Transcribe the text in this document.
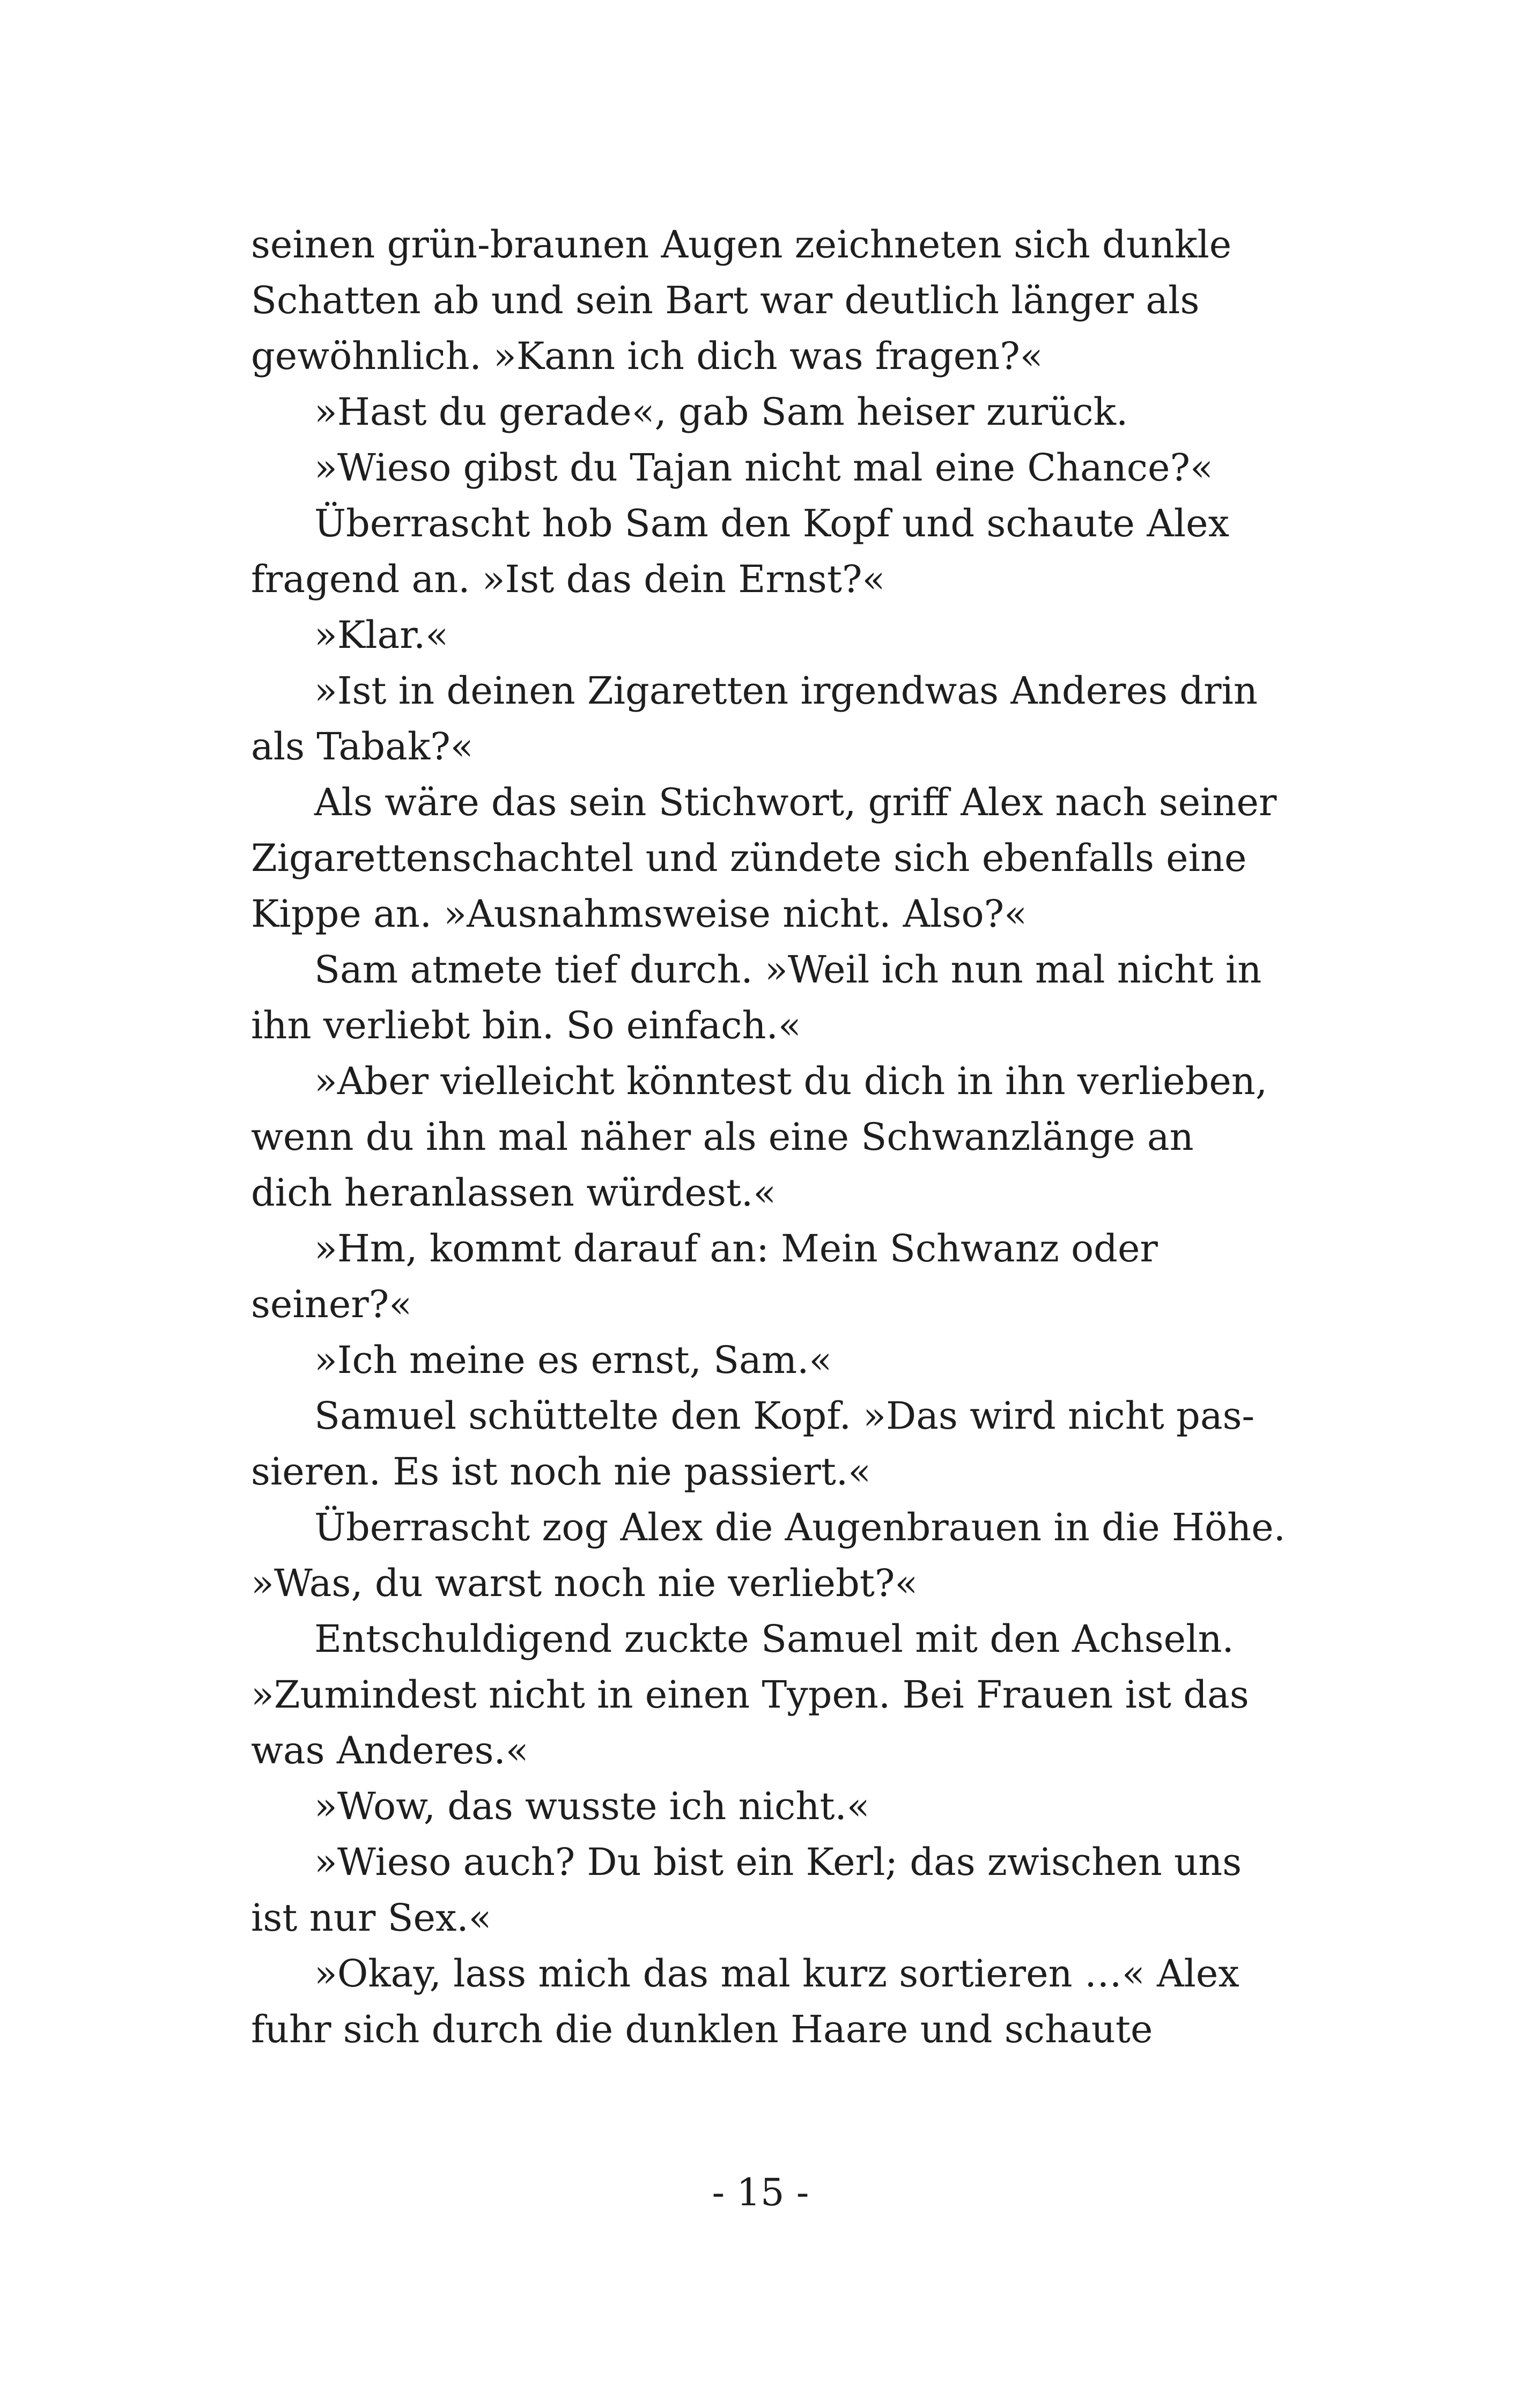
seinen grün-braunen Augen zeichneten sich dunkle
Schatten ab und sein Bart war deutlich länger als
gewöhnlich. »Kann ich dich was fragen?«
»Hast du gerade«, gab Sam heiser zurück.
»Wieso gibst du Tajan nicht mal eine Chance?«
Überrascht hob Sam den Kopf und schaute Alex
fragend an. »Ist das dein Ernst?«
»Klar.«
»Ist in deinen Zigaretten irgendwas Anderes drin
als Tabak?«
Als wäre das sein Stichwort, griff Alex nach seiner
Zigarettenschachtel und zündete sich ebenfalls eine
Kippe an. »Ausnahmsweise nicht. Also?«
Sam atmete tief durch. »Weil ich nun mal nicht in
ihn verliebt bin. So einfach.«
»Aber vielleicht könntest du dich in ihn verlieben,
wenn du ihn mal näher als eine Schwanzlänge an
dich heranlassen würdest.«
»Hm, kommt darauf an: Mein Schwanz oder
seiner?«
»Ich meine es ernst, Sam.«
Samuel schüttelte den Kopf. »Das wird nicht pas-
sieren. Es ist noch nie passiert.«
Überrascht zog Alex die Augenbrauen in die Höhe.
»Was, du warst noch nie verliebt?«
Entschuldigend zuckte Samuel mit den Achseln.
»Zumindest nicht in einen Typen. Bei Frauen ist das
was Anderes.«
»Wow, das wusste ich nicht.«
»Wieso auch? Du bist ein Kerl; das zwischen uns
ist nur Sex.«
»Okay, lass mich das mal kurz sortieren …« Alex
fuhr sich durch die dunklen Haare und schaute
- 15 -
